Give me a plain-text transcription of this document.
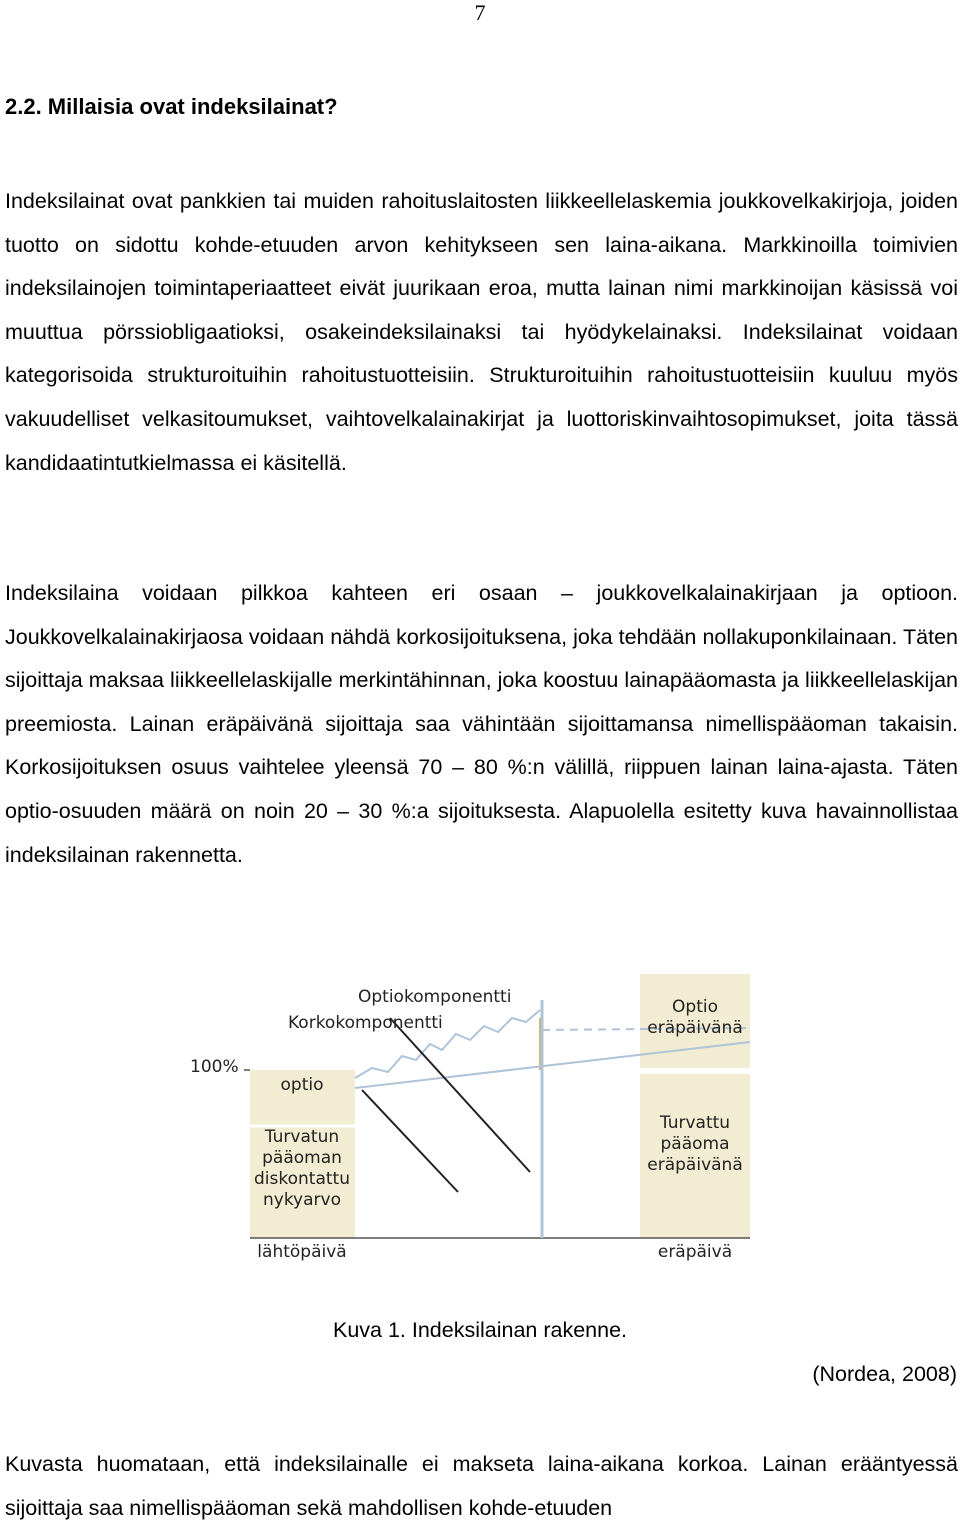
7
2.2. Millaisia ovat indeksilainat?

Indeksilainat ovat pankkien tai muiden rahoituslaitosten liikkeellelaskemia joukkovelkakirjoja, joiden tuotto on sidottu kohde-etuuden arvon kehitykseen sen laina-aikana. Markkinoilla toimivien indeksilainojen toimintaperiaatteet eivät juurikaan eroa, mutta lainan nimi markkinoijan käsissä voi muuttua pörssiobligaatioksi, osakeindeksilainaksi tai hyödykelainaksi. Indeksilainat voidaan kategorisoida strukturoituihin rahoitustuotteisiin. Strukturoituihin rahoitustuotteisiin kuuluu myös vakuudelliset velkasitoumukset, vaihtovelkalainakirjat ja luottoriskinvaihtosopimukset, joita tässä kandidaatintutkielmassa ei käsitellä.

Indeksilaina voidaan pilkkoa kahteen eri osaan – joukkovelkalainakirjaan ja optioon. Joukkovelkalainakirjaosa voidaan nähdä korkosijoituksena, joka tehdään nollakuponkilainaan. Täten sijoittaja maksaa liikkeellelaskijalle merkintähinnan, joka koostuu lainapääomasta ja liikkeellelaskijan preemiosta. Lainan eräpäivänä sijoittaja saa vähintään sijoittamansa nimellispääoman takaisin. Korkosijoituksen osuus vaihtelee yleensä 70 – 80 %:n välillä, riippuen lainan laina-ajasta. Täten optio-osuuden määrä on noin 20 – 30 %:a sijoituksesta. Alapuolella esitetty kuva havainnollistaa indeksilainan rakennetta.

100%
optio
Turvatun
pääoman
diskontattu
nykyarvo
Optiokomponentti
Korkokomponentti
Optio
eräpäivänä
Turvattu
pääoma
eräpäivänä
lähtöpäivä	eräpäivä
Kuva 1. Indeksilainan rakenne.
(Nordea, 2008)

Kuvasta huomataan, että indeksilainalle ei makseta laina-aikana korkoa. Lainan erääntyessä sijoittaja saa nimellispääoman sekä mahdollisen kohde-etuuden
